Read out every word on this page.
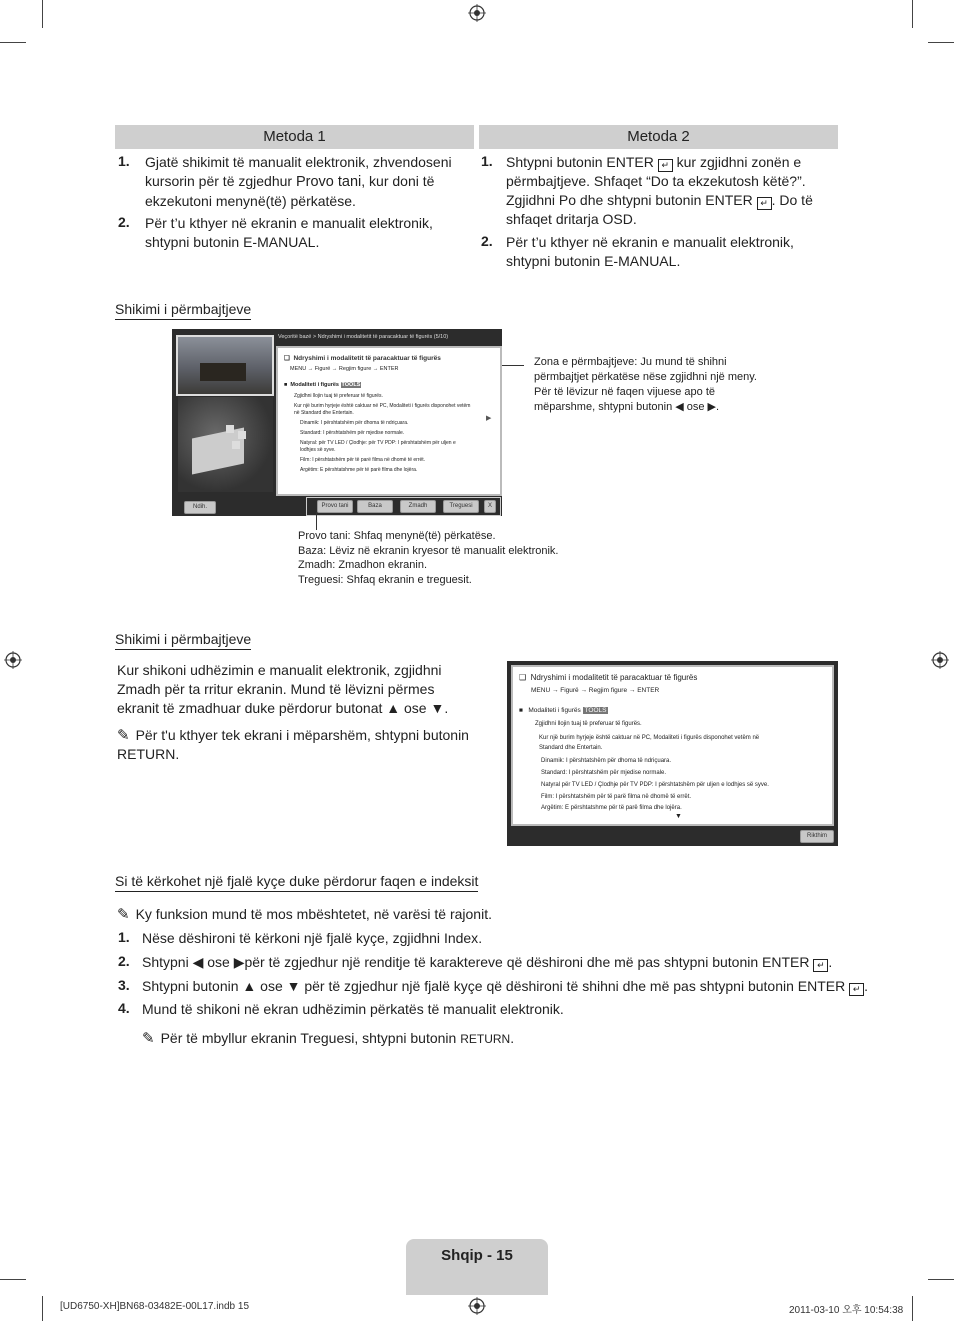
Metoda 1	Metoda 2
1. Gjatë shikimit të manualit elektronik, zhvendoseni kursorin për të zgjedhur Provo tani, kur doni të ekzekutoni menynë(të) përkatëse.
2. Për t’u kthyer në ekranin e manualit elektronik, shtypni butonin E-MANUAL.
1. Shtypni butonin ENTER ↵ kur zgjidhni zonën e përmbajtjeve. Shfaqet “Do ta ekzekutosh këtë?”. Zgjidhni Po dhe shtypni butonin ENTER ↵ . Do të shfaqet dritarja OSD.
2. Për t’u kthyer në ekranin e manualit elektronik, shtypni butonin E-MANUAL.
Shikimi i përmbajtjeve
Veçoritë bazë > Ndryshimi i modalitetit të paracaktuar të figurës (5/10)
❑  Ndryshimi i modalitetit të paracaktuar të figurës
MENU → Figurë → Regjim figure → ENTER
■  Modaliteti i figurës TOOLS
Zgjidhni llojin tuaj të preferuar të figurës.
Kur një burim hyrjeje është caktuar në PC, Modaliteti i figurës disponohet vetëm në Standard dhe Entertain.
Dinamik: I përshtatshëm për dhoma të ndriçuara.
Standard: I përshtatshëm për mjedise normale.
Natyral: për TV LED / Çlodhje: për TV PDP: I përshtatshëm për uljen e lodhjes së syve.
Film: I përshtatshëm për të parë filma në dhomë të errët.
Argëtim: E përshtatshme për të parë filma dhe lojëra.
▶
Ndih.	Provo tani	Baza	Zmadh	Treguesi	X
Zona e përmbajtjeve: Ju mund të shihni përmbajtjet përkatëse nëse zgjidhni një meny. Për të lëvizur në faqen vijuese apo të mëparshme, shtypni butonin ◀ ose ▶.
Provo tani: Shfaq menynë(të) përkatëse.
Baza: Lëviz në ekranin kryesor të manualit elektronik.
Zmadh: Zmadhon ekranin.
Treguesi: Shfaq ekranin e treguesit.
Shikimi i përmbajtjeve
Kur shikoni udhëzimin e manualit elektronik, zgjidhni Zmadh për ta rritur ekranin. Mund të lëvizni përmes ekranit të zmadhuar duke përdorur butonat ▲ ose ▼.
✎ Për t'u kthyer tek ekrani i mëparshëm, shtypni butonin RETURN.
❑  Ndryshimi i modalitetit të paracaktuar të figurës
MENU → Figurë → Regjim figure → ENTER
■   Modaliteti i figurës TOOLS
Zgjidhni llojin tuaj të preferuar të figurës.
Kur një burim hyrjeje është caktuar në PC, Modaliteti i figurës disponohet vetëm në
Standard dhe Entertain.
Dinamik: I përshtatshëm për dhoma të ndriçuara.
Standard: I përshtatshëm për mjedise normale.
Natyral për TV LED / Çlodhje për TV PDP: I përshtatshëm për uljen e lodhjes së syve.
Film: I përshtatshëm për të parë filma në dhomë të errët.
Argëtim: E përshtatshme për të parë filma dhe lojëra.
▼
Rikthim
Si të kërkohet një fjalë kyçe duke përdorur faqen e indeksit
✎ Ky funksion mund të mos mbështetet, në varësi të rajonit.
1. Nëse dëshironi të kërkoni një fjalë kyçe, zgjidhni Index.
2. Shtypni ◀ ose ▶për të zgjedhur një renditje të karaktereve që dëshironi dhe më pas shtypni butonin ENTER ↵ .
3. Shtypni butonin ▲ ose ▼ për të zgjedhur një fjalë kyçe që dëshironi të shihni dhe më pas shtypni butonin ENTER ↵ .
4. Mund të shikoni në ekran udhëzimin përkatës të manualit elektronik.
✎ Për të mbyllur ekranin Treguesi, shtypni butonin RETURN.
Shqip - 15
[UD6750-XH]BN68-03482E-00L17.indb 15	2011-03-10 오후 10:54:38
